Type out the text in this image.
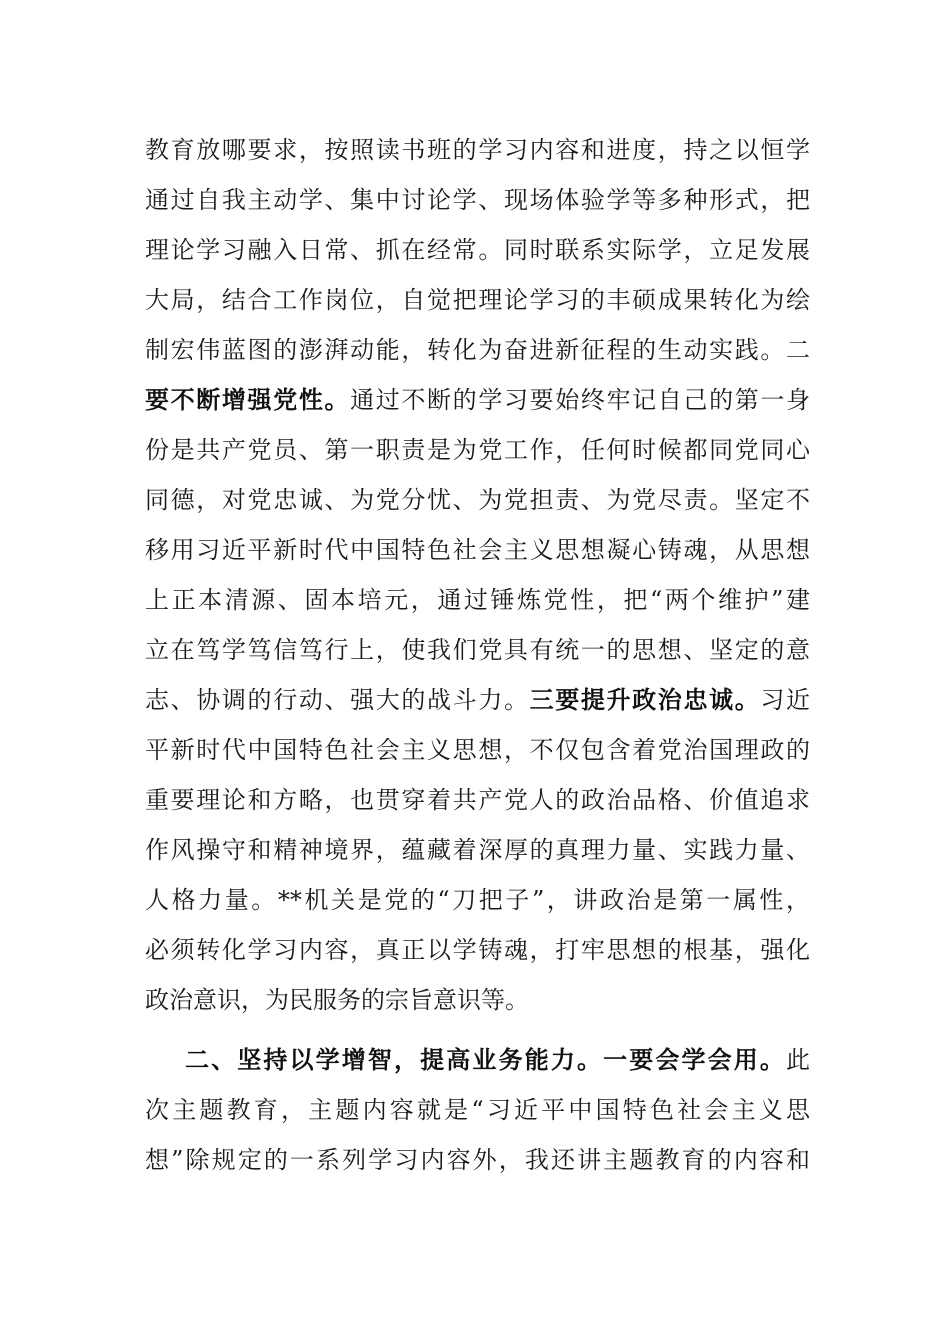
教育放哪要求，按照读书班的学习内容和进度，持之以恒学
通过自我主动学、集中讨论学、现场体验学等多种形式，把
理论学习融入日常、抓在经常。同时联系实际学，立足发展
大局，结合工作岗位，自觉把理论学习的丰硕成果转化为绘
制宏伟蓝图的澎湃动能，转化为奋进新征程的生动实践。二
要不断增强党性。通过不断的学习要始终牢记自己的第一身
份是共产党员、第一职责是为党工作，任何时候都同党同心
同德，对党忠诚、为党分忧、为党担责、为党尽责。坚定不
移用习近平新时代中国特色社会主义思想凝心铸魂，从思想
上正本清源、固本培元，通过锤炼党性，把“两个维护”建
立在笃学笃信笃行上，使我们党具有统一的思想、坚定的意
志、协调的行动、强大的战斗力。三要提升政治忠诚。习近
平新时代中国特色社会主义思想，不仅包含着党治国理政的
重要理论和方略，也贯穿着共产党人的政治品格、价值追求
作风操守和精神境界，蕴藏着深厚的真理力量、实践力量、
人格力量。**机关是党的“刀把子”，讲政治是第一属性，
必须转化学习内容，真正以学铸魂，打牢思想的根基，强化
政治意识，为民服务的宗旨意识等。
二、坚持以学增智，提高业务能力。一要会学会用。此
次主题教育，主题内容就是“习近平中国特色社会主义思
想”除规定的一系列学习内容外，我还讲主题教育的内容和
